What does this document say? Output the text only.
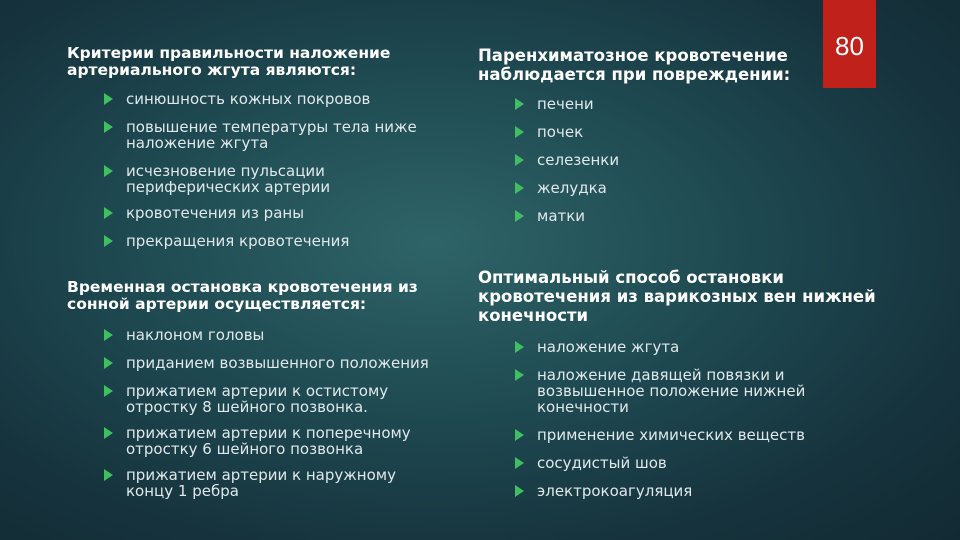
80

Критерии правильности наложение артериального жгута являются:

синюшность кожных покровов
повышение температуры тела ниже наложение жгута
исчезновение пульсации периферических артерии
кровотечения из раны
прекращения кровотечения

Паренхиматозное кровотечение наблюдается при повреждении:

печени
почек
селезенки
желудка
матки

Временная остановка кровотечения из сонной артерии осуществляется:

наклоном головы
приданием возвышенного положения
прижатием артерии к остистому отростку 8 шейного позвонка.
прижатием артерии к поперечному отростку 6 шейного позвонка
прижатием артерии к наружному концу 1 ребра

Оптимальный способ остановки кровотечения из варикозных вен нижней конечности

наложение жгута
наложение давящей повязки и возвышенное положение нижней конечности
применение химических веществ
сосудистый шов
электрокоагуляция
